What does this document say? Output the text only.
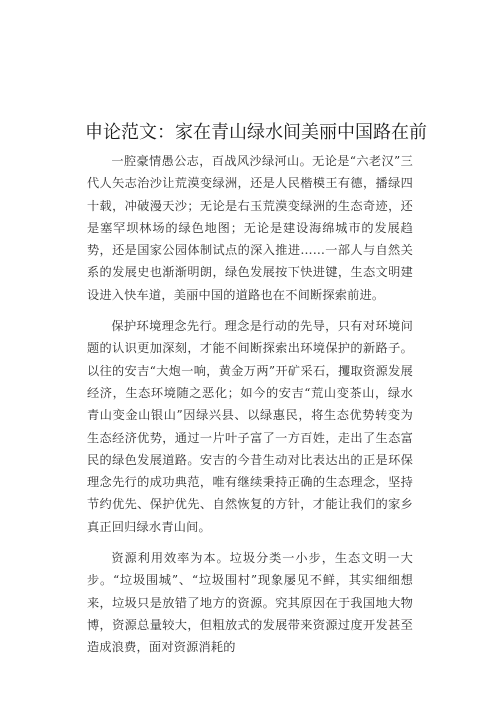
申论范文：家在青山绿水间美丽中国路在前

一腔豪情愚公志，百战风沙绿河山。无论是“六老汉”三代人矢志治沙让荒漠变绿洲，还是人民楷模王有德，播绿四十载，冲破漫天沙；无论是右玉荒漠变绿洲的生态奇迹，还是塞罕坝林场的绿色地图；无论是建设海绵城市的发展趋势，还是国家公园体制试点的深入推进……一部人与自然关系的发展史也渐渐明朗，绿色发展按下快进键，生态文明建设进入快车道，美丽中国的道路也在不间断探索前进。

保护环境理念先行。理念是行动的先导，只有对环境问题的认识更加深刻，才能不间断探索出环境保护的新路子。以往的安吉“大炮一响，黄金万两”开矿采石，攫取资源发展经济，生态环境随之恶化；如今的安吉“荒山变茶山，绿水青山变金山银山”因绿兴县、以绿惠民，将生态优势转变为生态经济优势，通过一片叶子富了一方百姓，走出了生态富民的绿色发展道路。安吉的今昔生动对比表达出的正是环保理念先行的成功典范，唯有继续秉持正确的生态理念，坚持节约优先、保护优先、自然恢复的方针，才能让我们的家乡真正回归绿水青山间。

资源利用效率为本。垃圾分类一小步，生态文明一大步。“垃圾围城”、“垃圾围村”现象屡见不鲜，其实细细想来，垃圾只是放错了地方的资源。究其原因在于我国地大物博，资源总量较大，但粗放式的发展带来资源过度开发甚至造成浪费，面对资源消耗的
